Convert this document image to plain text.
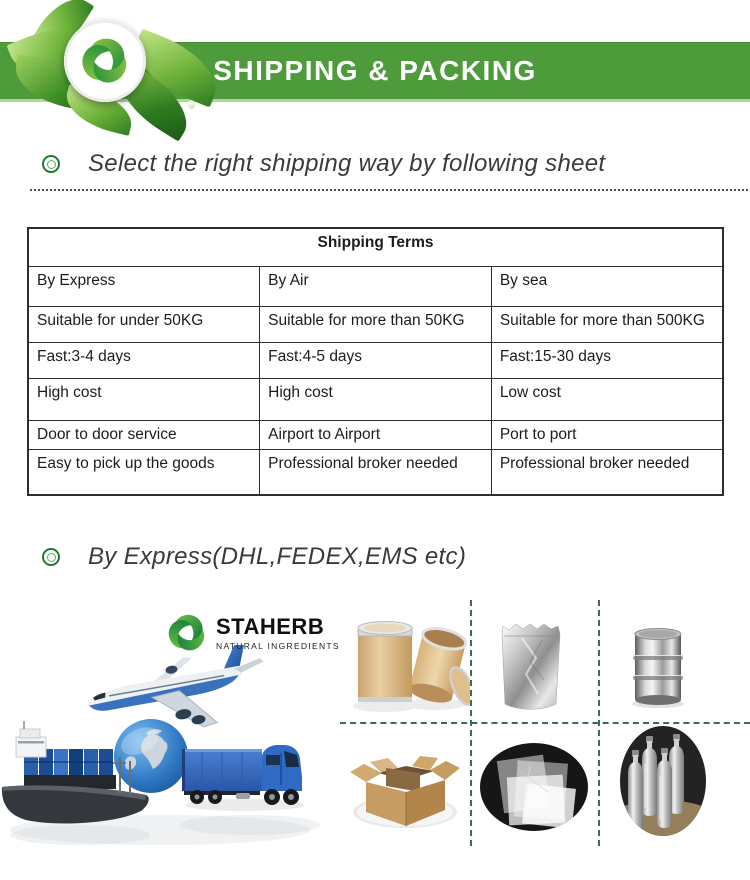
SHIPPING & PACKING
Select the right shipping way by following sheet
Shipping Terms		
By Express	By Air	By sea
Suitable for under 50KG	Suitable for more than 50KG	Suitable for more than 500KG
Fast:3-4 days	Fast:4-5 days	Fast:15-30 days
High cost	High cost	Low cost
Door to door service	Airport to Airport	Port to port
Easy to pick up the goods	Professional broker needed	Professional broker needed
By Express(DHL,FEDEX,EMS etc)
STAHERB
NATURAL INGREDIENTS
